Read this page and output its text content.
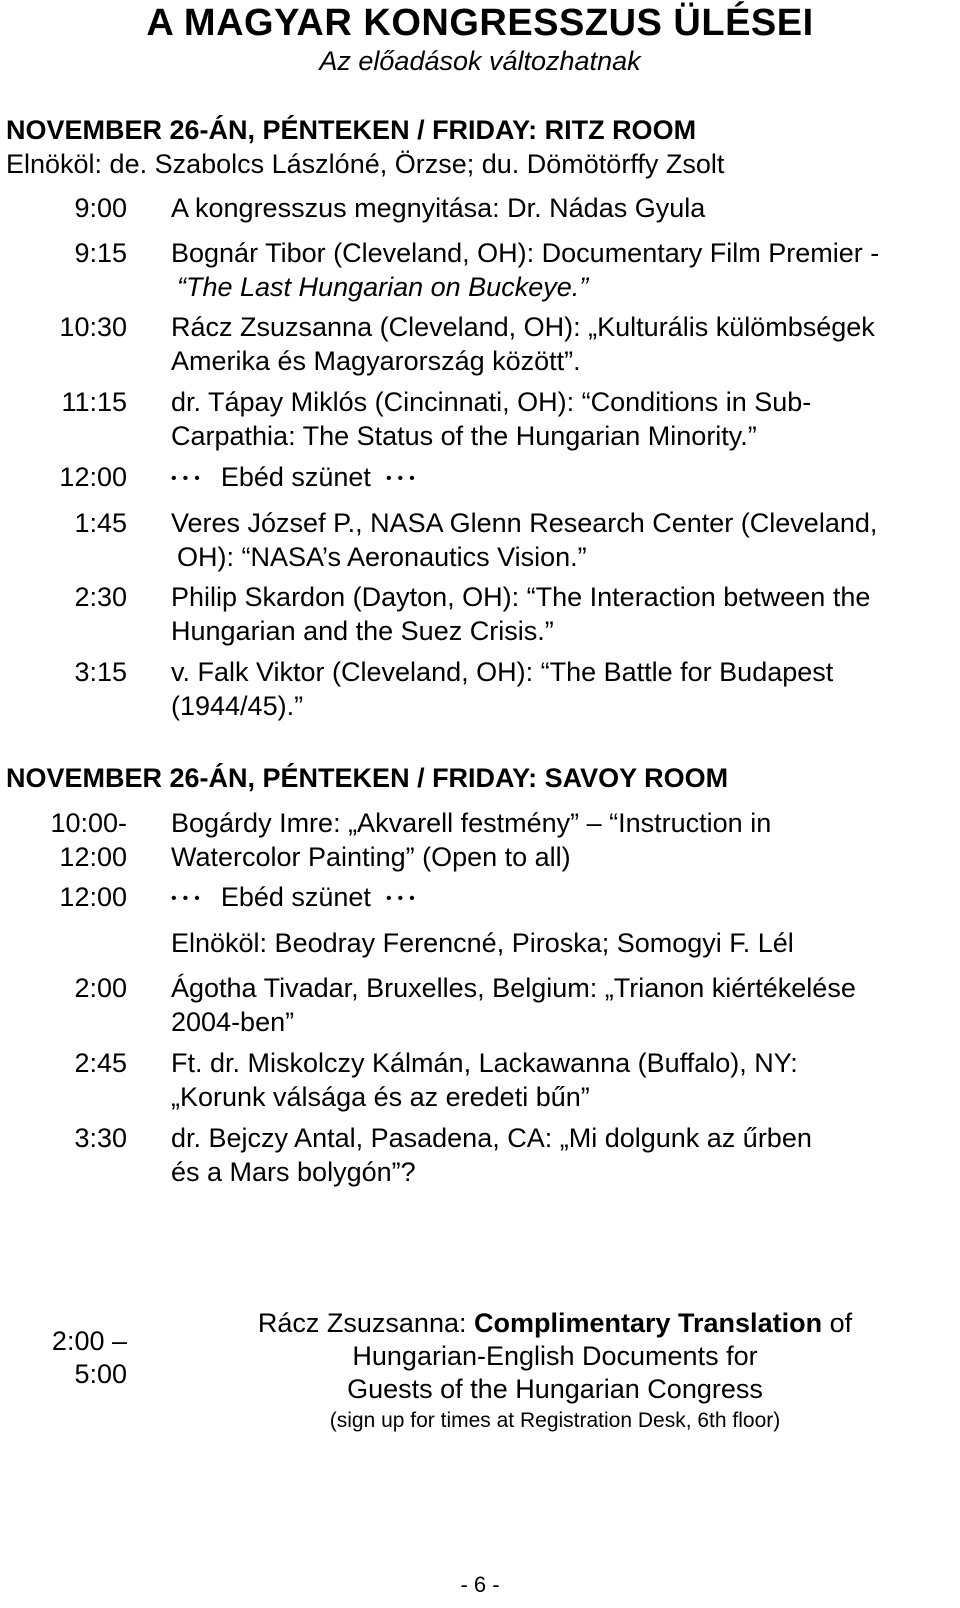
A MAGYAR KONGRESSZUS ÜLÉSEI
Az előadások változhatnak
NOVEMBER 26-ÁN, PÉNTEKEN / FRIDAY: RITZ ROOM
Elnököl: de. Szabolcs Lászlóné, Örzse; du. Dömötörffy Zsolt
9:00 A kongresszus megnyitása: Dr. Nádas Gyula
9:15 Bognár Tibor (Cleveland, OH): Documentary Film Premier -
“The Last Hungarian on Buckeye.”
10:30 Rácz Zsuzsanna (Cleveland, OH): „Kulturális külömbségek
Amerika és Magyarország között”.
11:15 dr. Tápay Miklós (Cincinnati, OH): “Conditions in Sub-
Carpathia: The Status of the Hungarian Minority.”
12:00	••• Ebéd szünet •••
1:45 Veres József P., NASA Glenn Research Center (Cleveland,
OH): “NASA’s Aeronautics Vision.”
2:30 Philip Skardon (Dayton, OH): “The Interaction between the
Hungarian and the Suez Crisis.”
3:15 v. Falk Viktor (Cleveland, OH): “The Battle for Budapest
(1944/45).”
NOVEMBER 26-ÁN, PÉNTEKEN / FRIDAY: SAVOY ROOM
10:00-
12:00
Bogárdy Imre: „Akvarell festmény” – “Instruction in
Watercolor Painting” (Open to all)
12:00	••• Ebéd szünet •••
Elnököl: Beodray Ferencné, Piroska; Somogyi F. Lél
2:00 Ágotha Tivadar, Bruxelles, Belgium: „Trianon kiértékelése
2004-ben”
2:45 Ft. dr. Miskolczy Kálmán, Lackawanna (Buffalo), NY:
„Korunk válsága és az eredeti bűn”
3:30 dr. Bejczy Antal, Pasadena, CA: „Mi dolgunk az űrben
és a Mars bolygón”?
2:00 –
5:00
Rácz Zsuzsanna: Complimentary Translation of
Hungarian-English Documents for
Guests of the Hungarian Congress
(sign up for times at Registration Desk, 6th floor)
- 6 -
